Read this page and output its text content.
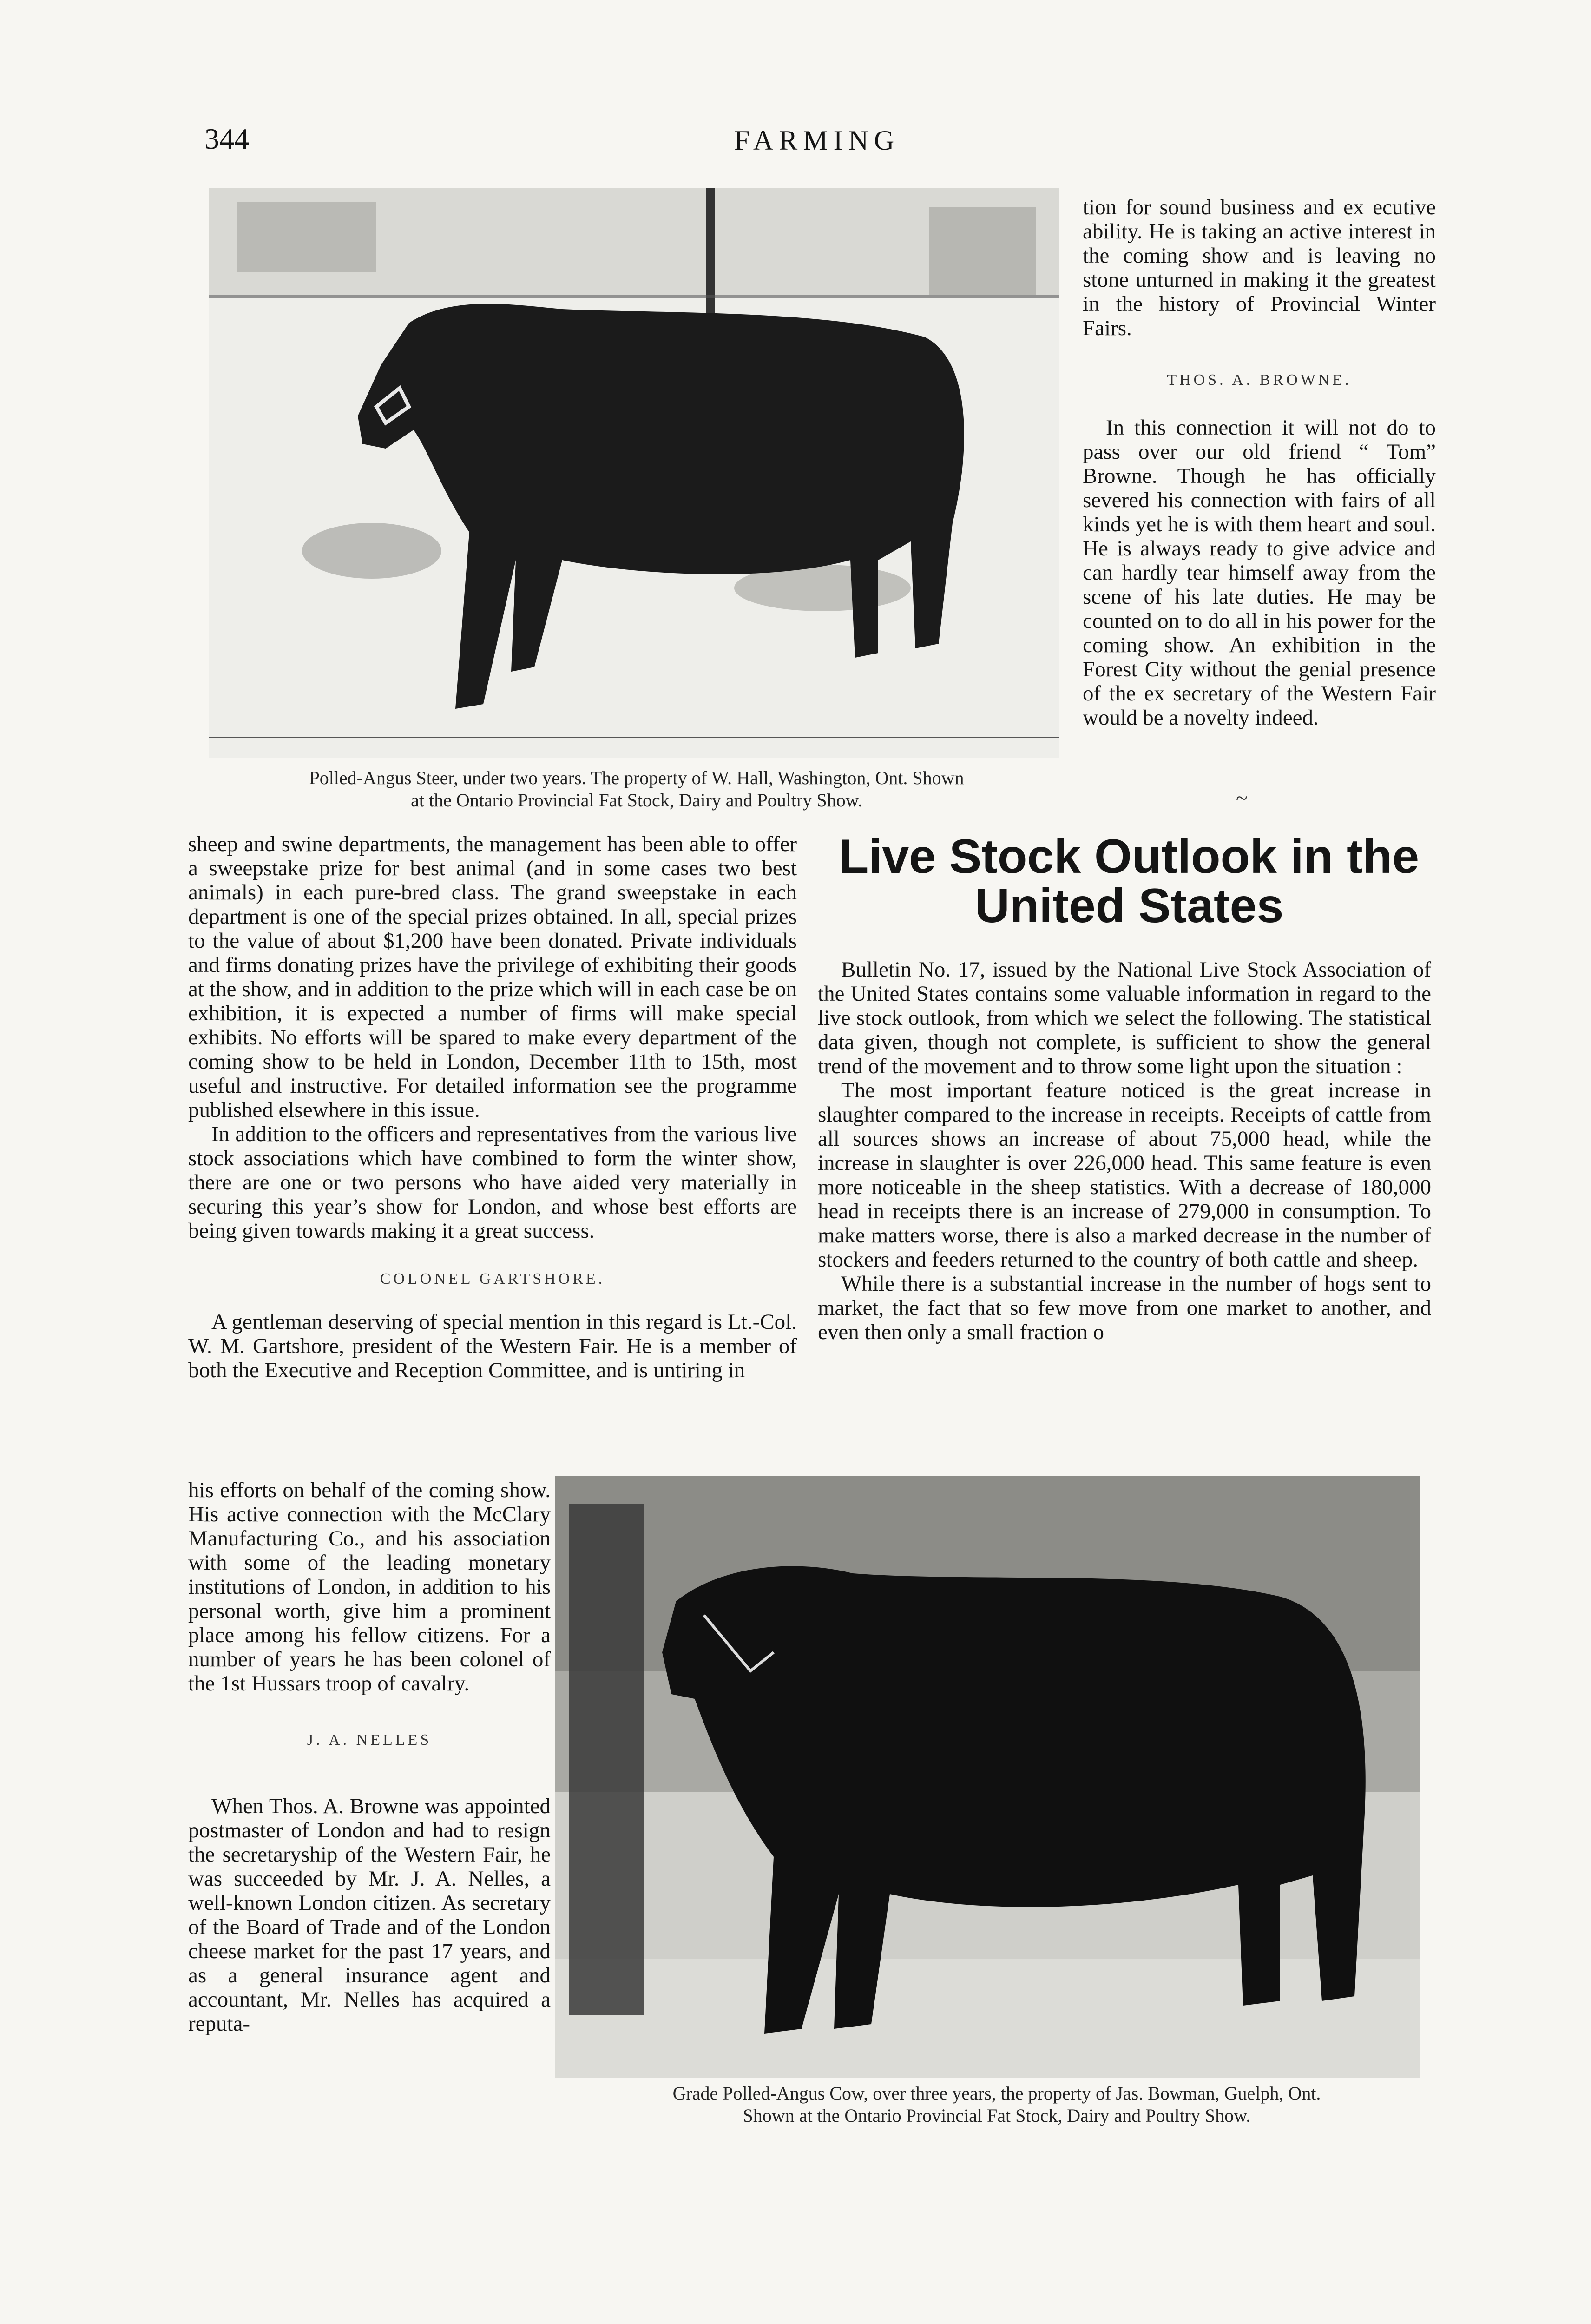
344	FARMING
Polled-Angus Steer, under two years. The property of W. Hall, Washington, Ont. Shown
at the Ontario Provincial Fat Stock, Dairy and Poultry Show.

tion for sound business and ex ecutive ability. He is taking an active interest in the coming show and is leaving no stone unturned in making it the greatest in the history of Provincial Winter Fairs.

THOS. A. BROWNE.

In this connection it will not do to pass over our old friend “ Tom” Browne. Though he has officially severed his connection with fairs of all kinds yet he is with them heart and soul. He is always ready to give advice and can hardly tear himself away from the scene of his late duties. He may be counted on to do all in his power for the coming show. An exhibition in the Forest City without the genial presence of the ex secretary of the Western Fair would be a novelty indeed.

~

sheep and swine departments, the management has been able to offer a sweepstake prize for best animal (and in some cases two best animals) in each pure-bred class. The grand sweepstake in each department is one of the special prizes obtained. In all, special prizes to the value of about $1,200 have been donated. Private individuals and firms donating prizes have the privilege of exhibiting their goods at the show, and in addition to the prize which will in each case be on exhibition, it is expected a number of firms will make special exhibits. No efforts will be spared to make every department of the coming show to be held in London, December 11th to 15th, most useful and instructive. For detailed information see the programme published elsewhere in this issue.

In addition to the officers and representatives from the various live stock associations which have combined to form the winter show, there are one or two persons who have aided very materially in securing this year’s show for London, and whose best efforts are being given towards making it a great success.

COLONEL GARTSHORE.

A gentleman deserving of special mention in this regard is Lt.-Col. W. M. Gartshore, president of the Western Fair. He is a member of both the Executive and Reception Committee, and is untiring in

his efforts on behalf of the coming show. His active connection with the McClary Manufacturing Co., and his association with some of the leading monetary institutions of London, in addition to his personal worth, give him a prominent place among his fellow citizens. For a number of years he has been colonel of the 1st Hussars troop of cavalry.

J. A. NELLES

When Thos. A. Browne was appointed postmaster of London and had to resign the secretaryship of the Western Fair, he was succeeded by Mr. J. A. Nelles, a well-known London citizen. As secretary of the Board of Trade and of the London cheese market for the past 17 years, and as a general insurance agent and accountant, Mr. Nelles has acquired a reputa-

Live Stock Outlook in the
United States

Bulletin No. 17, issued by the National Live Stock Association of the United States contains some valuable information in regard to the live stock outlook, from which we select the following. The statistical data given, though not complete, is sufficient to show the general trend of the movement and to throw some light upon the situation :

The most important feature noticed is the great increase in slaughter compared to the increase in receipts. Receipts of cattle from all sources shows an increase of about 75,000 head, while the increase in slaughter is over 226,000 head. This same feature is even more noticeable in the sheep statistics. With a decrease of 180,000 head in receipts there is an increase of 279,000 in consumption. To make matters worse, there is also a marked decrease in the number of stockers and feeders returned to the country of both cattle and sheep.

While there is a substantial increase in the number of hogs sent to market, the fact that so few move from one market to another, and even then only a small fraction o

Grade Polled-Angus Cow, over three years, the property of Jas. Bowman, Guelph, Ont.
Shown at the Ontario Provincial Fat Stock, Dairy and Poultry Show.
